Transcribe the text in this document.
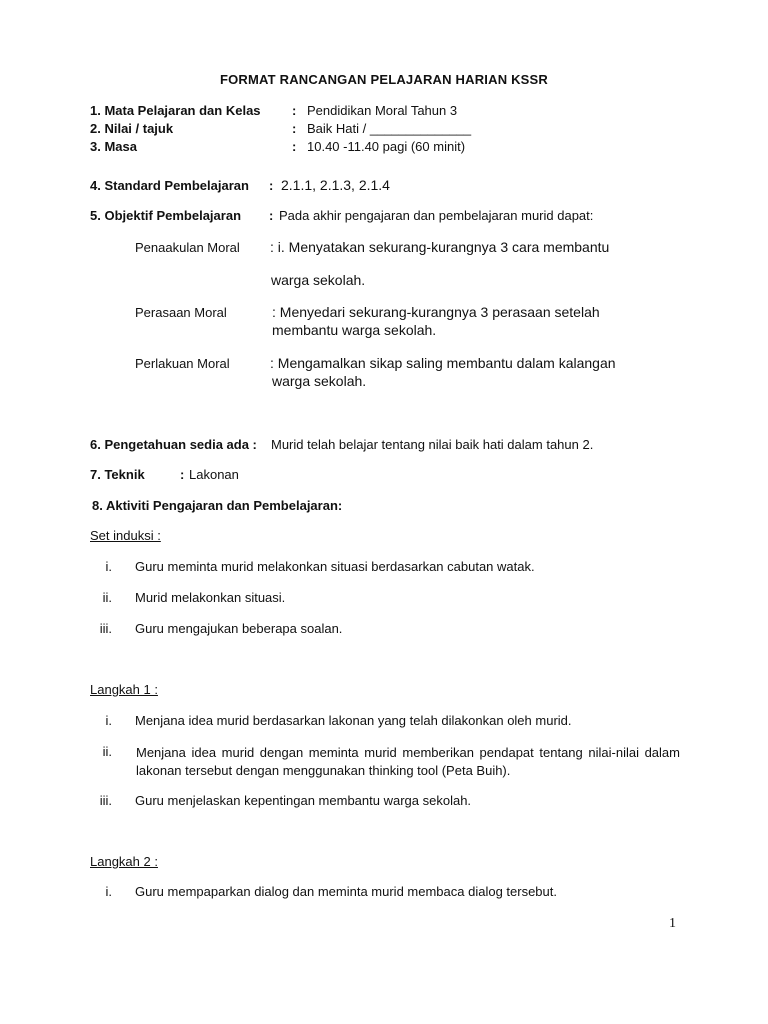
FORMAT RANCANGAN PELAJARAN HARIAN KSSR
1. Mata Pelajaran dan Kelas : Pendidikan Moral Tahun 3
2. Nilai / tajuk	: Baik Hati / ______________
3. Masa	: 10.40 -11.40 pagi (60 minit)
4. Standard Pembelajaran : 2.1.1, 2.1.3, 2.1.4
5. Objektif Pembelajaran : Pada akhir pengajaran dan pembelajaran murid dapat:
Penaakulan Moral : i. Menyatakan sekurang-kurangnya 3 cara membantu
warga sekolah.
Perasaan Moral	: Menyedari sekurang-kurangnya 3 perasaan setelah
membantu warga sekolah.
Perlakuan Moral	: Mengamalkan sikap saling membantu dalam kalangan
warga sekolah.
6. Pengetahuan sedia ada : Murid telah belajar tentang nilai baik hati dalam tahun 2.
7. Teknik	: Lakonan
8. Aktiviti Pengajaran dan Pembelajaran:
Set induksi :
i. Guru meminta murid melakonkan situasi berdasarkan cabutan watak.
ii. Murid melakonkan situasi.
iii. Guru mengajukan beberapa soalan.
Langkah 1 :
i. Menjana idea murid berdasarkan lakonan yang telah dilakonkan oleh murid.
ii. Menjana idea murid dengan meminta murid memberikan pendapat tentang nilai-nilai dalam lakonan tersebut dengan menggunakan thinking tool (Peta Buih).
iii. Guru menjelaskan kepentingan membantu warga sekolah.
Langkah 2 :
i. Guru mempaparkan dialog dan meminta murid membaca dialog tersebut.
1
